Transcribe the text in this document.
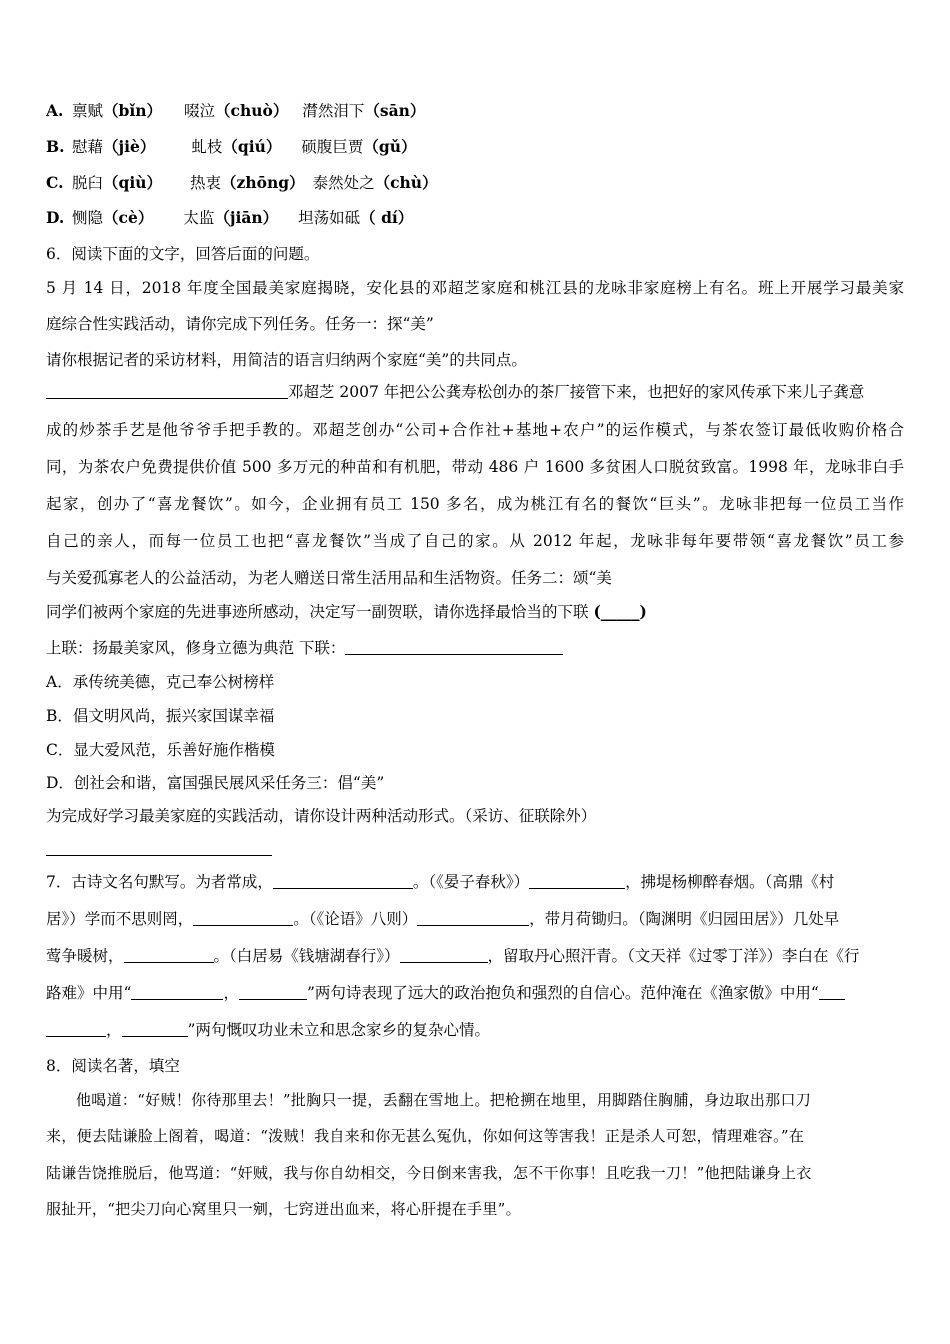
A. 禀赋（bǐn） 啜泣（chuò） 潸然泪下（sān）
B. 慰藉（jiè） 虬枝（qiú） 硕腹巨贾（gǔ）
C. 脱臼（qiù） 热衷（zhōng） 泰然处之（chù）
D. 恻隐（cè） 太监（jiān） 坦荡如砥（ dí）
6．阅读下面的文字，回答后面的问题。
5 月 14 日，2018 年度全国最美家庭揭晓，安化县的邓超芝家庭和桃江县的龙咏非家庭榜上有名。班上开展学习最美家
庭综合性实践活动，请你完成下列任务。任务一：探“美”
请你根据记者的采访材料，用简洁的语言归纳两个家庭“美”的共同点。
邓超芝 2007 年把公公龚寿松创办的茶厂接管下来，也把好的家风传承下来儿子龚意
成的炒茶手艺是他爷爷手把手教的。邓超芝创办“公司+合作社+基地+农户”的运作模式，与茶农签订最低收购价格合
同，为茶农户免费提供价值 500 多万元的种苗和有机肥，带动 486 户 1600 多贫困人口脱贫致富。1998 年，龙咏非白手
起家，创办了“喜龙餐饮”。如今，企业拥有员工 150 多名，成为桃江有名的餐饮“巨头”。龙咏非把每一位员工当作
自己的亲人，而每一位员工也把“喜龙餐饮”当成了自己的家。从 2012 年起，龙咏非每年要带领“喜龙餐饮”员工参
与关爱孤寡老人的公益活动，为老人赠送日常生活用品和生活物资。任务二：颂“美
同学们被两个家庭的先进事迹所感动，决定写一副贺联，请你选择最恰当的下联 (_____)
上联：扬最美家风，修身立德为典范 下联：
A．承传统美德，克己奉公树榜样
B．倡文明风尚，振兴家国谋幸福
C．显大爱风范，乐善好施作楷模
D．创社会和谐，富国强民展风采任务三：倡“美”
为完成好学习最美家庭的实践活动，请你设计两种活动形式。（采访、征联除外）
7．古诗文名句默写。为者常成，	。（《晏子春秋》）	，拂堤杨柳醉春烟。（高鼎《村
居》）学而不思则罔，	。（《论语》八则）	，带月荷锄归。（陶渊明《归园田居》）几处早
莺争暖树，	。（白居易《钱塘湖春行》）	，留取丹心照汗青。（文天祥《过零丁洋》）李白在《行
路难》中用“	，	”两句诗表现了远大的政治抱负和强烈的自信心。范仲淹在《渔家傲》中用“
，	”两句慨叹功业未立和思念家乡的复杂心情。
8．阅读名著，填空
他喝道：“好贼！你待那里去！”批胸只一提，丢翻在雪地上。把枪搠在地里，用脚踏住胸脯，身边取出那口刀
来，便去陆谦脸上阁着，喝道：“泼贼！我自来和你无甚么冤仇，你如何这等害我！正是杀人可恕，情理难容。”在
陆谦告饶推脱后，他骂道：“奸贼，我与你自幼相交，今日倒来害我，怎不干你事！且吃我一刀！”他把陆谦身上衣
服扯开，“把尖刀向心窝里只一剜，七窍迸出血来，将心肝提在手里”。
